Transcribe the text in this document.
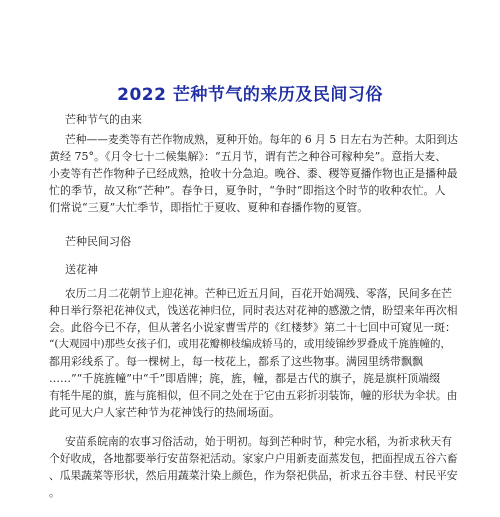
2022 芒种节气的来历及民间习俗
芒种节气的由来
芒种——麦类等有芒作物成熟，夏种开始。每年的 6 月 5 日左右为芒种。太阳到达
黄经 75°。《月令七十二候集解》：“五月节，谓有芒之种谷可稼种矣”。意指大麦、
小麦等有芒作物种子已经成熟，抢收十分急迫。晚谷、黍、稷等夏播作物也正是播种最
忙的季节，故又称“芒种”。春争日，夏争时，“争时”即指这个时节的收种农忙。人
们常说“三夏”大忙季节，即指忙于夏收、夏种和春播作物的夏管。
芒种民间习俗
送花神
农历二月二花朝节上迎花神。芒种已近五月间，百花开始凋残、零落，民间多在芒
种日举行祭祀花神仪式，饯送花神归位，同时表达对花神的感激之情，盼望来年再次相
会。此俗今已不存，但从著名小说家曹雪芹的《红楼梦》第二十七回中可窥见一斑：
“(大观园中)那些女孩子们，或用花瓣柳枝编成轿马的，或用绫锦纱罗叠成千旄旌幢的，
都用彩线系了。每一棵树上，每一枝花上，都系了这些物事。满园里绣带飘飘
……”“千旄旌幢”中“千”即盾牌；旄，旌，幢，都是古代的旗子，旄是旗杆顶端缀
有牦牛尾的旗，旌与旄相似，但不同之处在于它由五彩折羽装饰，幢的形状为伞状。由
此可见大户人家芒种节为花神饯行的热闹场面。
安苗系皖南的农事习俗活动，始于明初。每到芒种时节，种完水稻，为祈求秋天有
个好收成，各地都要举行安苗祭祀活动。家家户户用新麦面蒸发包，把面捏成五谷六畜
、瓜果蔬菜等形状，然后用蔬菜汁染上颜色，作为祭祀供品，祈求五谷丰登、村民平安
。
